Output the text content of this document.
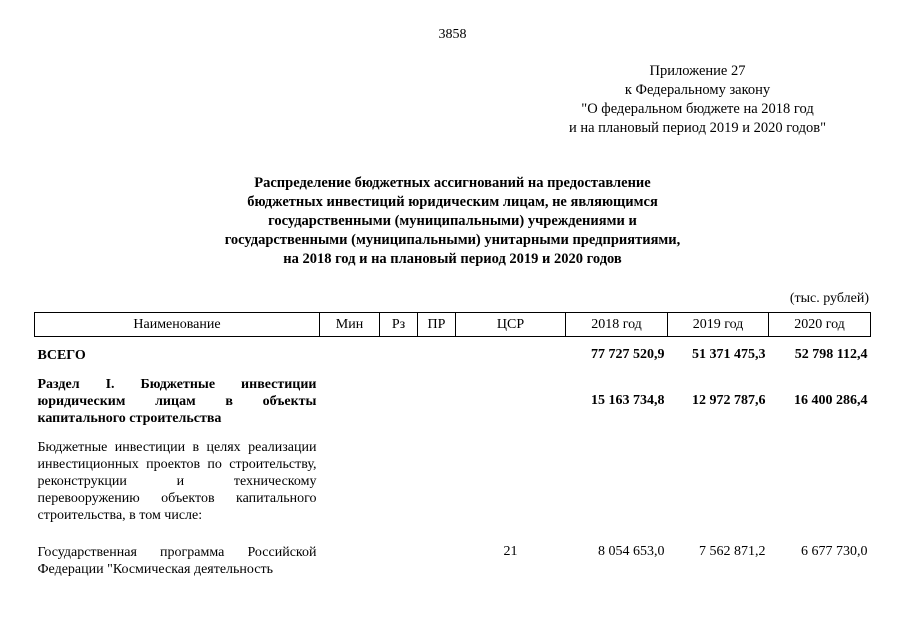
3858
Приложение 27
к Федеральному закону
"О федеральном бюджете на 2018 год
и на плановый период 2019 и 2020 годов"
Распределение бюджетных ассигнований на предоставление
бюджетных инвестиций юридическим лицам, не являющимся
государственными (муниципальными) учреждениями и
государственными (муниципальными) унитарными предприятиями,
на 2018 год и на плановый период 2019 и 2020 годов
(тыс. рублей)
Наименование	Мин	Рз	ПР	ЦСР	2018 год	2019 год	2020 год

ВСЕГО					77 727 520,9	51 371 475,3	52 798 112,4

Раздел I. Бюджетные инвестиции юридическим лицам в объекты капитального строительства					15 163 734,8	12 972 787,6	16 400 286,4

Бюджетные инвестиции в целях реализации инвестиционных проектов по строительству, реконструкции и техническому перевооружению объектов капитального строительства, в том числе:							

Государственная программа Российской Федерации "Космическая деятельность				21	8 054 653,0	7 562 871,2	6 677 730,0
